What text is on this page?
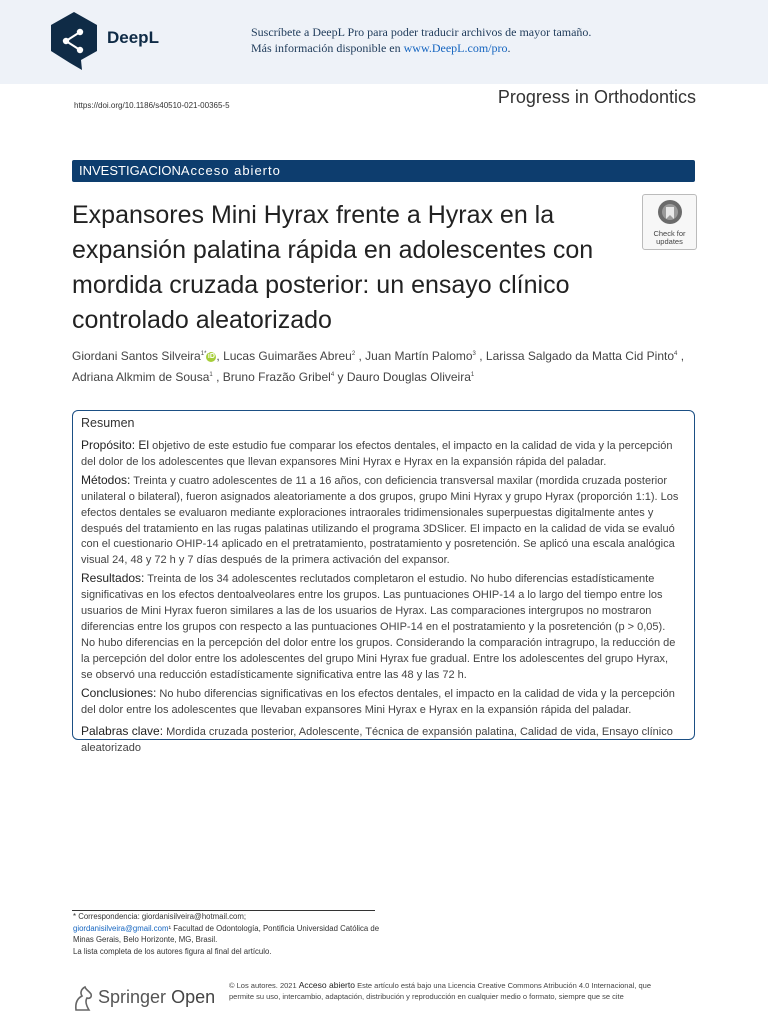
DeepL	Suscríbete a DeepL Pro para poder traducir archivos de mayor tamaño.
Más información disponible en www.DeepL.com/pro.
https://doi.org/10.1186/s40510-021-00365-5	Progress in Orthodontics
INVESTIGACIONAcceso abierto
Expansores Mini Hyrax frente a Hyrax en la expansión palatina rápida en adolescentes con mordida cruzada posterior: un ensayo clínico controlado aleatorizado
Check for
updates
Giordani Santos Silveira$^{1*}$ iD , Lucas Guimarães Abreu$^2$ , Juan Martín Palomo$^3$ , Larissa Salgado da Matta Cid Pinto$^4$ , Adriana Alkmim de Sousa$^1$ , Bruno Frazão Gribel$^4$ y Dauro Douglas Oliveira$^1$
Resumen

Propósito: El objetivo de este estudio fue comparar los efectos dentales, el impacto en la calidad de vida y la percepción del dolor de los adolescentes que llevan expansores Mini Hyrax e Hyrax en la expansión rápida del paladar.

Métodos: Treinta y cuatro adolescentes de 11 a 16 años, con deficiencia transversal maxilar (mordida cruzada posterior unilateral o bilateral), fueron asignados aleatoriamente a dos grupos, grupo Mini Hyrax y grupo Hyrax (proporción 1:1). Los efectos dentales se evaluaron mediante exploraciones intraorales tridimensionales superpuestas digitalmente antes y después del tratamiento en las rugas palatinas utilizando el programa 3DSlicer. El impacto en la calidad de vida se evaluó con el cuestionario OHIP-14 aplicado en el pretratamiento, postratamiento y posretención. Se aplicó una escala analógica visual 24, 48 y 72 h y 7 días después de la primera activación del expansor.

Resultados: Treinta de los 34 adolescentes reclutados completaron el estudio. No hubo diferencias estadísticamente significativas en los efectos dentoalveolares entre los grupos. Las puntuaciones OHIP-14 a lo largo del tiempo entre los usuarios de Mini Hyrax fueron similares a las de los usuarios de Hyrax. Las comparaciones intergrupos no mostraron diferencias entre los grupos con respecto a las puntuaciones OHIP-14 en el postratamiento y la posretención (p > 0,05). No hubo diferencias en la percepción del dolor entre los grupos. Considerando la comparación intragrupo, la reducción de la percepción del dolor entre los adolescentes del grupo Mini Hyrax fue gradual. Entre los adolescentes del grupo Hyrax, se observó una reducción estadísticamente significativa entre las 48 y las 72 h.

Conclusiones: No hubo diferencias significativas en los efectos dentales, el impacto en la calidad de vida y la percepción del dolor entre los adolescentes que llevaban expansores Mini Hyrax e Hyrax en la expansión rápida del paladar.

Palabras clave: Mordida cruzada posterior, Adolescente, Técnica de expansión palatina, Calidad de vida, Ensayo clínico aleatorizado

* Correspondencia: giordanisilveira@hotmail.com;
giordanisilveira@gmail.com¹ Facultad de Odontología, Pontificia Universidad Católica de Minas Gerais, Belo Horizonte, MG, Brasil.
La lista completa de los autores figura al final del artículo.
Springer Open
© Los autores. 2021 Acceso abierto Este artículo está bajo una Licencia Creative Commons Atribución 4.0 Internacional, que permite su uso, intercambio, adaptación, distribución y reproducción en cualquier medio o formato, siempre que se cite
